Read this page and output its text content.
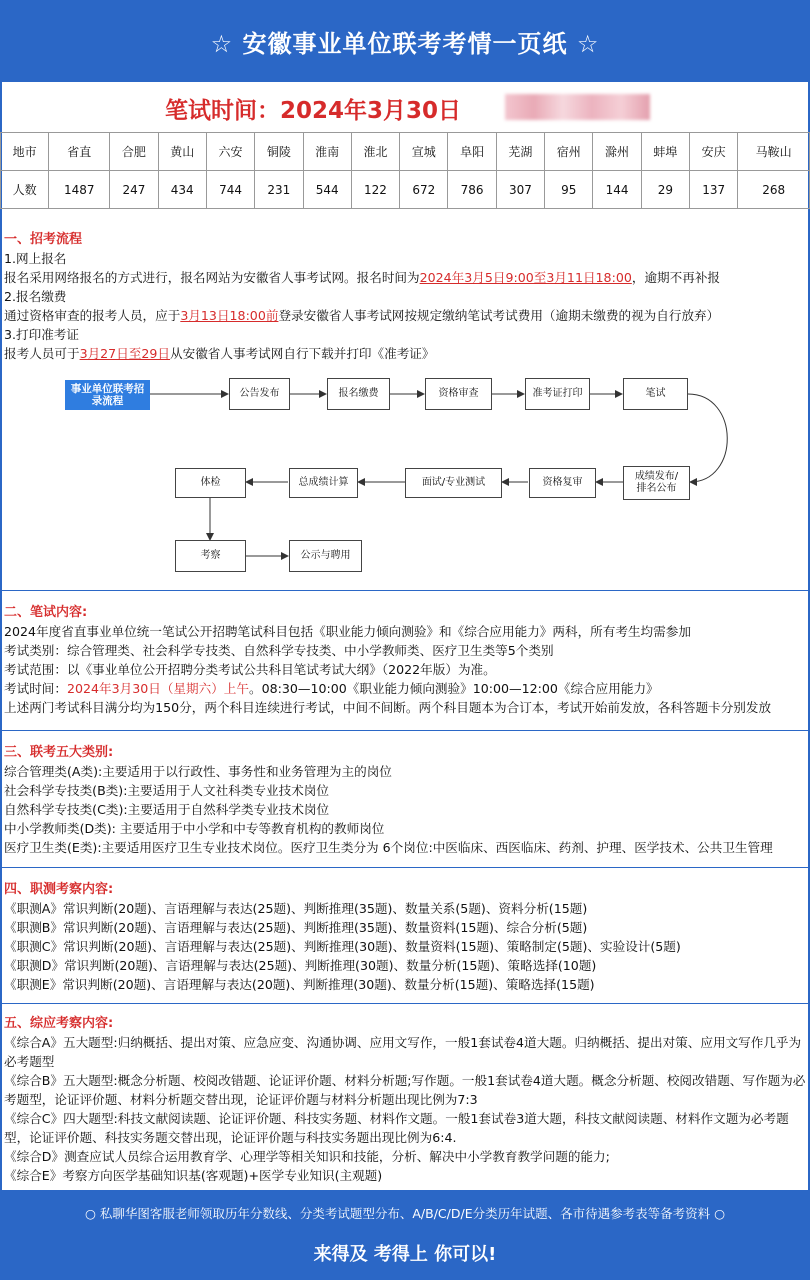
☆ 安徽事业单位联考考情一页纸 ☆
笔试时间：2024年3月30日
地市	省直	合肥	黄山	六安	铜陵	淮南	淮北	宣城	阜阳	芜湖	宿州	滁州	蚌埠	安庆	马鞍山
人数	1487	247	434	744	231	544	122	672	786	307	95	144	29	137	268
一、招考流程
1.网上报名
报名采用网络报名的方式进行，报名网站为安徽省人事考试网。报名时间为2024年3月5日9:00至3月11日18:00，逾期不再补报
2.报名缴费
通过资格审查的报考人员，应于3月13日18:00前登录安徽省人事考试网按规定缴纳笔试考试费用（逾期未缴费的视为自行放弃）
3.打印准考证
报考人员可于3月27日至29日从安徽省人事考试网自行下载并打印《准考证》
事业单位联考招录流程
公告发布	报名缴费	资格审查	准考证打印	笔试
成绩发布/排名公布
资格复审
面试/专业测试
总成绩计算
体检
考察	公示与聘用
二、笔试内容:
2024年度省直事业单位统一笔试公开招聘笔试科目包括《职业能力倾向测验》和《综合应用能力》两科，所有考生均需参加
考试类别：综合管理类、社会科学专技类、自然科学专技类、中小学教师类、医疗卫生类等5个类别
考试范围：以《事业单位公开招聘分类考试公共科目笔试考试大纲》（2022年版）为准。
考试时间：2024年3月30日（星期六）上午。08:30—10:00《职业能力倾向测验》10:00—12:00《综合应用能力》
上述两门考试科目满分均为150分，两个科目连续进行考试，中间不间断。两个科目题本为合订本，考试开始前发放，各科答题卡分别发放
三、联考五大类别:
综合管理类(A类):主要适用于以行政性、事务性和业务管理为主的岗位
社会科学专技类(B类):主要适用于人文社科类专业技术岗位
自然科学专技类(C类):主要适用于自然科学类专业技术岗位
中小学教师类(D类): 主要适用于中小学和中专等教育机构的教师岗位
医疗卫生类(E类):主要适用医疗卫生专业技术岗位。医疗卫生类分为 6个岗位:中医临床、西医临床、药剂、护理、医学技术、公共卫生管理
四、职测考察内容:
《职测A》常识判断(20题)、言语理解与表达(25题)、判断推理(35题)、数量关系(5题)、资料分析(15题)
《职测B》常识判断(20题)、言语理解与表达(25题)、判断推理(35题)、数量资料(15题)、综合分析(5题)
《职测C》常识判断(20题)、言语理解与表达(25题)、判断推理(30题)、数量资料(15题)、策略制定(5题)、实验设计(5题)
《职测D》常识判断(20题)、言语理解与表达(25题)、判断推理(30题)、数量分析(15题)、策略选择(10题)
《职测E》常识判断(20题)、言语理解与表达(20题)、判断推理(30题)、数量分析(15题)、策略选择(15题)
五、综应考察内容:
《综合A》五大题型:归纳概括、提出对策、应急应变、沟通协调、应用文写作，一般1套试卷4道大题。归纳概括、提出对策、应用文写作几乎为
必考题型
《综合B》五大题型:概念分析题、校阅改错题、论证评价题、材料分析题;写作题。一般1套试卷4道大题。概念分析题、校阅改错题、写作题为必
考题型，论证评价题、材料分析题交替出现，论证评价题与材料分析题出现比例为7:3
《综合C》四大题型:科技文献阅读题、论证评价题、科技实务题、材料作文题。一般1套试卷3道大题，科技文献阅读题、材料作文题为必考题
型，论证评价题、科技实务题交替出现，论证评价题与科技实务题出现比例为6:4.
《综合D》测查应试人员综合运用教育学、心理学等相关知识和技能，分析、解决中小学教育教学问题的能力;
《综合E》考察方向医学基础知识基(客观题)+医学专业知识(主观题)
○ 私聊华图客服老师领取历年分数线、分类考试题型分布、A/B/C/D/E分类历年试题、各市待遇参考表等备考资料 ○
来得及 考得上 你可以!
